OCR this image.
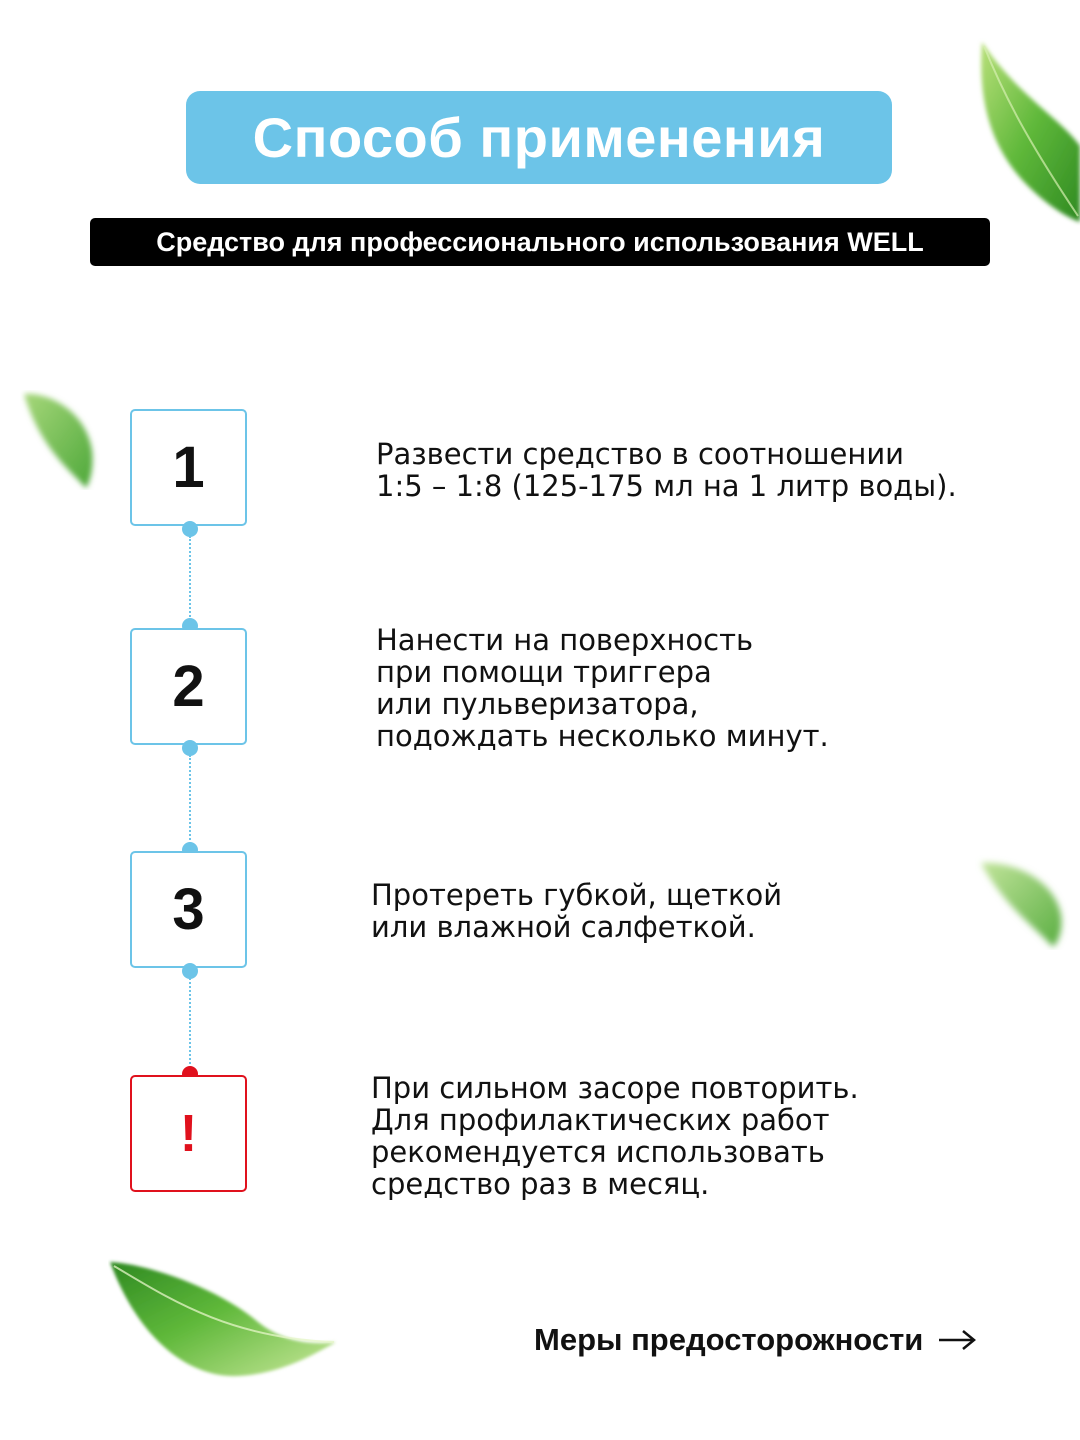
Способ применения
Средство для профессионального использования WELL
1	Развести средство в соотношении
1:5 – 1:8 (125-175 мл на 1 литр воды).
2
Нанести на поверхность
при помощи триггера
или пульверизатора,
подождать несколько минут.
3	Протереть губкой, щеткой
или влажной салфеткой.
!
При сильном засоре повторить.
Для профилактических работ
рекомендуется использовать
средство раз в месяц.
Меры предосторожности
